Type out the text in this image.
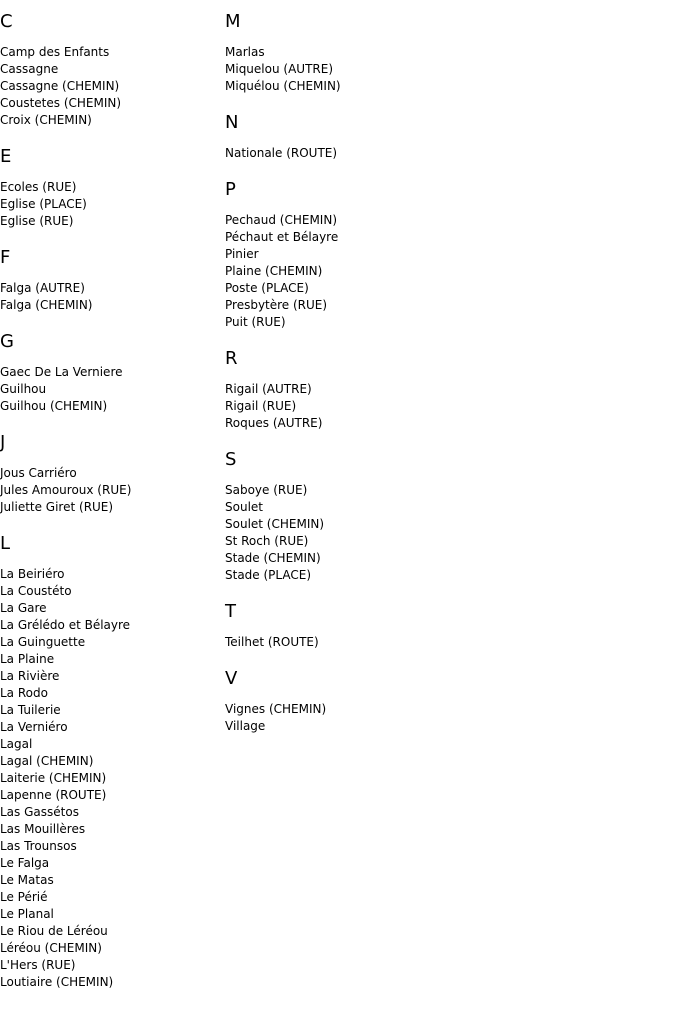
C
Camp des Enfants
Cassagne
Cassagne (CHEMIN)
Coustetes (CHEMIN)
Croix (CHEMIN)
E
Ecoles (RUE)
Eglise (PLACE)
Eglise (RUE)
F
Falga (AUTRE)
Falga (CHEMIN)
G
Gaec De La Verniere
Guilhou
Guilhou (CHEMIN)
J
Jous Carriéro
Jules Amouroux (RUE)
Juliette Giret (RUE)
L
La Beiriéro
La Coustéto
La Gare
La Grélédo et Bélayre
La Guinguette
La Plaine
La Rivière
La Rodo
La Tuilerie
La Verniéro
Lagal
Lagal (CHEMIN)
Laiterie (CHEMIN)
Lapenne (ROUTE)
Las Gassétos
Las Mouillères
Las Trounsos
Le Falga
Le Matas
Le Périé
Le Planal
Le Riou de Léréou
Léréou (CHEMIN)
L'Hers (RUE)
Loutiaire (CHEMIN)
M
Marlas
Miquelou (AUTRE)
Miquélou (CHEMIN)
N
Nationale (ROUTE)
P
Pechaud (CHEMIN)
Péchaut et Bélayre
Pinier
Plaine (CHEMIN)
Poste (PLACE)
Presbytère (RUE)
Puit (RUE)
R
Rigail (AUTRE)
Rigail (RUE)
Roques (AUTRE)
S
Saboye (RUE)
Soulet
Soulet (CHEMIN)
St Roch (RUE)
Stade (CHEMIN)
Stade (PLACE)
T
Teilhet (ROUTE)
V
Vignes (CHEMIN)
Village
